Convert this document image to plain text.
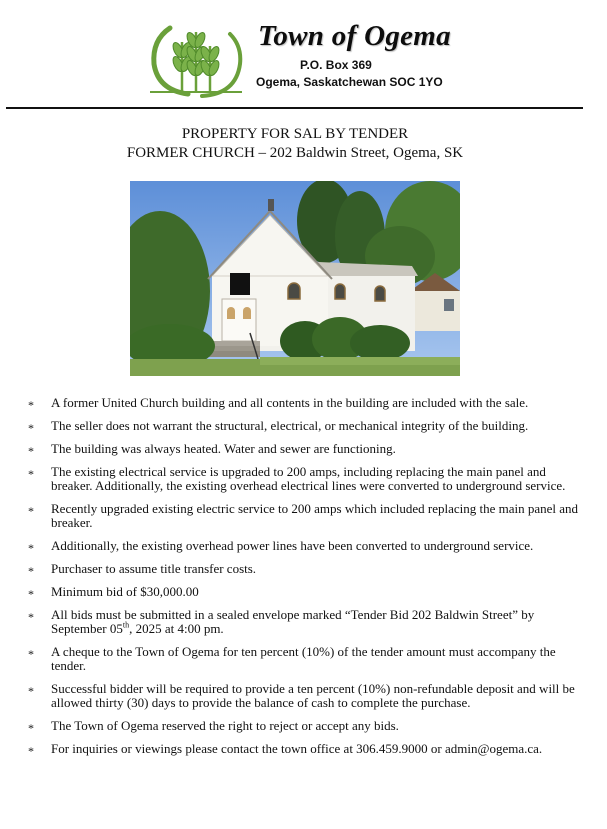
Town of Ogema
P.O. Box 369
Ogema, Saskatchewan SOC 1YO
PROPERTY FOR SAL BY TENDER
FORMER CHURCH – 202 Baldwin Street, Ogema, SK
* A former United Church building and all contents in the building are included with the sale.
* The seller does not warrant the structural, electrical, or mechanical integrity of the building.
* The building was always heated. Water and sewer are functioning.
* The existing electrical service is upgraded to 200 amps, including replacing the main panel and breaker. Additionally, the existing overhead electrical lines were converted to underground service.
* Recently upgraded existing electric service to 200 amps which included replacing the main panel and breaker.
* Additionally, the existing overhead power lines have been converted to underground service.
* Purchaser to assume title transfer costs.
* Minimum bid of $30,000.00
* All bids must be submitted in a sealed envelope marked “Tender Bid 202 Baldwin Street” by September 05th, 2025 at 4:00 pm.
* A cheque to the Town of Ogema for ten percent (10%) of the tender amount must accompany the tender.
* Successful bidder will be required to provide a ten percent (10%) non-refundable deposit and will be allowed thirty (30) days to provide the balance of cash to complete the purchase.
* The Town of Ogema reserved the right to reject or accept any bids.
* For inquiries or viewings please contact the town office at 306.459.9000 or admin@ogema.ca.
